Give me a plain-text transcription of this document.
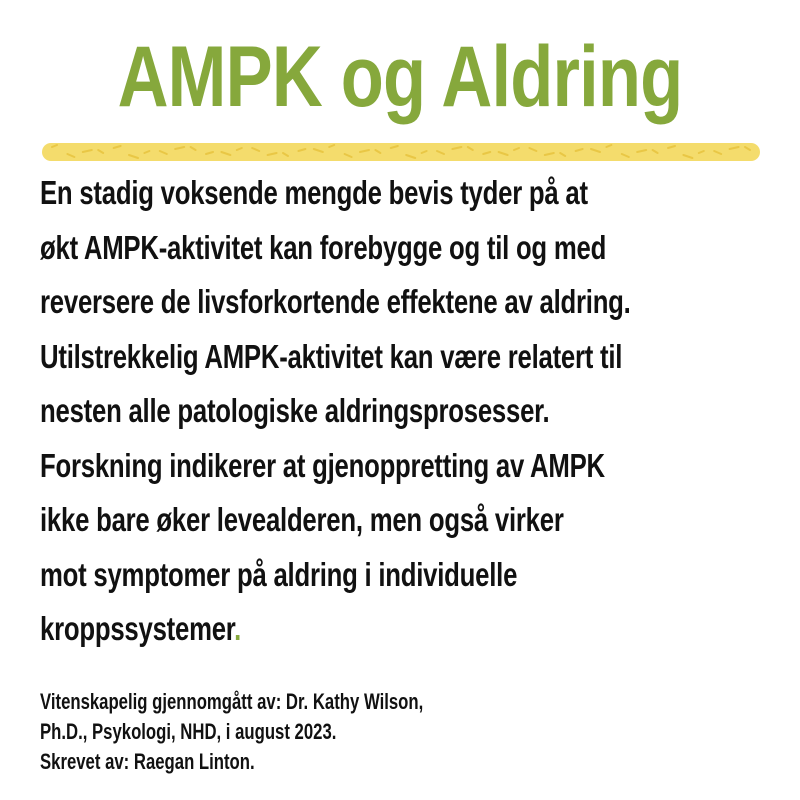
AMPK og Aldring
En stadig voksende mengde bevis tyder på at
økt AMPK-aktivitet kan forebygge og til og med
reversere de livsforkortende effektene av aldring.
Utilstrekkelig AMPK-aktivitet kan være relatert til
nesten alle patologiske aldringsprosesser.
Forskning indikerer at gjenoppretting av AMPK
ikke bare øker levealderen, men også virker
mot symptomer på aldring i individuelle
kroppssystemer.
Vitenskapelig gjennomgått av: Dr. Kathy Wilson,
Ph.D., Psykologi, NHD, i august 2023.
Skrevet av: Raegan Linton.
